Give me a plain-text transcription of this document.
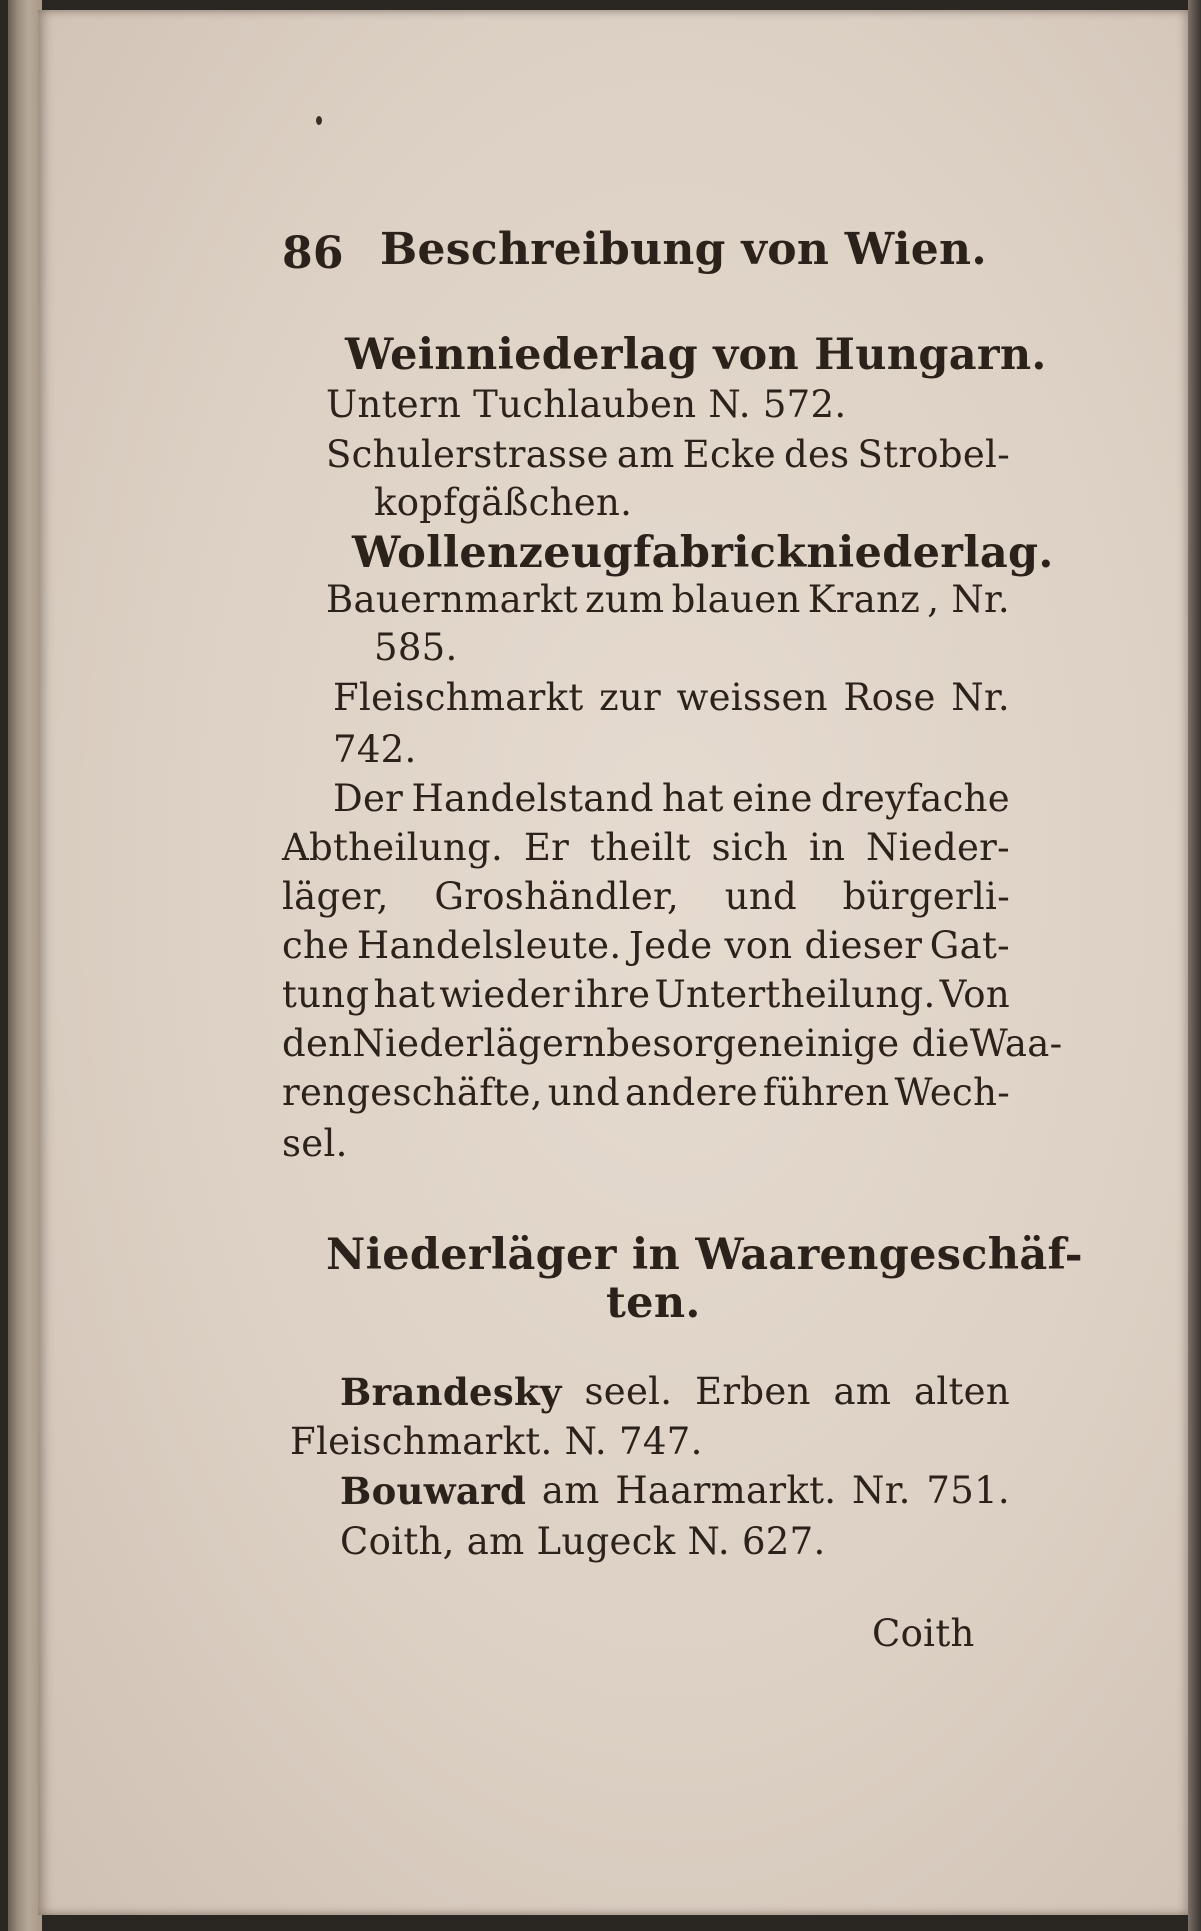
86 Beschreibung von Wien.
Weinniederlag von Hungarn.
Untern Tuchlauben N. 572.
Schulerstrasse am Ecke des Strobel-
kopfgäßchen.
Wollenzeugfabrickniederlag.
Bauernmarkt zum blauen Kranz , Nr.
585.
Fleischmarkt zur weissen Rose Nr.
742.
Der Handelstand hat eine dreyfache
Abtheilung. Er theilt sich in Nieder-
läger, Groshändler, und bürgerli-
che Handelsleute. Jede von dieser Gat-
tung hat wieder ihre Untertheilung. Von
den Niederlägern besorgen einige die Waa-
rengeschäfte, und andere führen Wech-
sel.
Niederläger in Waarengeschäf-
ten.
Brandesky seel. Erben am alten
Fleischmarkt. N. 747.
Bouward am Haarmarkt. Nr. 751.
Coith, am Lugeck N. 627.
Coith
